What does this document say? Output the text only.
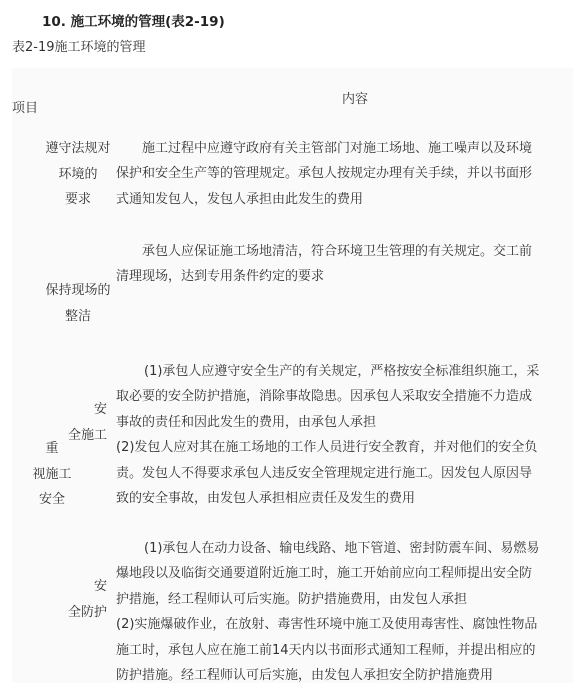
10. 施工环境的管理(表2-19)
表2-19施工环境的管理
内容
项目
遵守法规对
环境的
要求
施工过程中应遵守政府有关主管部门对施工场地、施工噪声以及环境
保护和安全生产等的管理规定。承包人按规定办理有关手续，并以书面形
式通知发包人，发包人承担由此发生的费用
保持现场的
整洁
承包人应保证施工场地清洁，符合环境卫生管理的有关规定。交工前
清理现场，达到专用条件约定的要求
重
视施工
安全
安
全施工
(1)承包人应遵守安全生产的有关规定，严格按安全标准组织施工，采
取必要的安全防护措施，消除事故隐患。因承包人采取安全措施不力造成
事故的责任和因此发生的费用，由承包人承担
(2)发包人应对其在施工场地的工作人员进行安全教育，并对他们的安全负
责。发包人不得要求承包人违反安全管理规定进行施工。因发包人原因导
致的安全事故，由发包人承担相应责任及发生的费用
安
全防护
(1)承包人在动力设备、输电线路、地下管道、密封防震车间、易燃易
爆地段以及临街交通要道附近施工时，施工开始前应向工程师提出安全防
护措施，经工程师认可后实施。防护措施费用，由发包人承担
(2)实施爆破作业，在放射、毒害性环境中施工及使用毒害性、腐蚀性物品
施工时，承包人应在施工前14天内以书面形式通知工程师，并提出相应的
防护措施。经工程师认可后实施，由发包人承担安全防护措施费用
